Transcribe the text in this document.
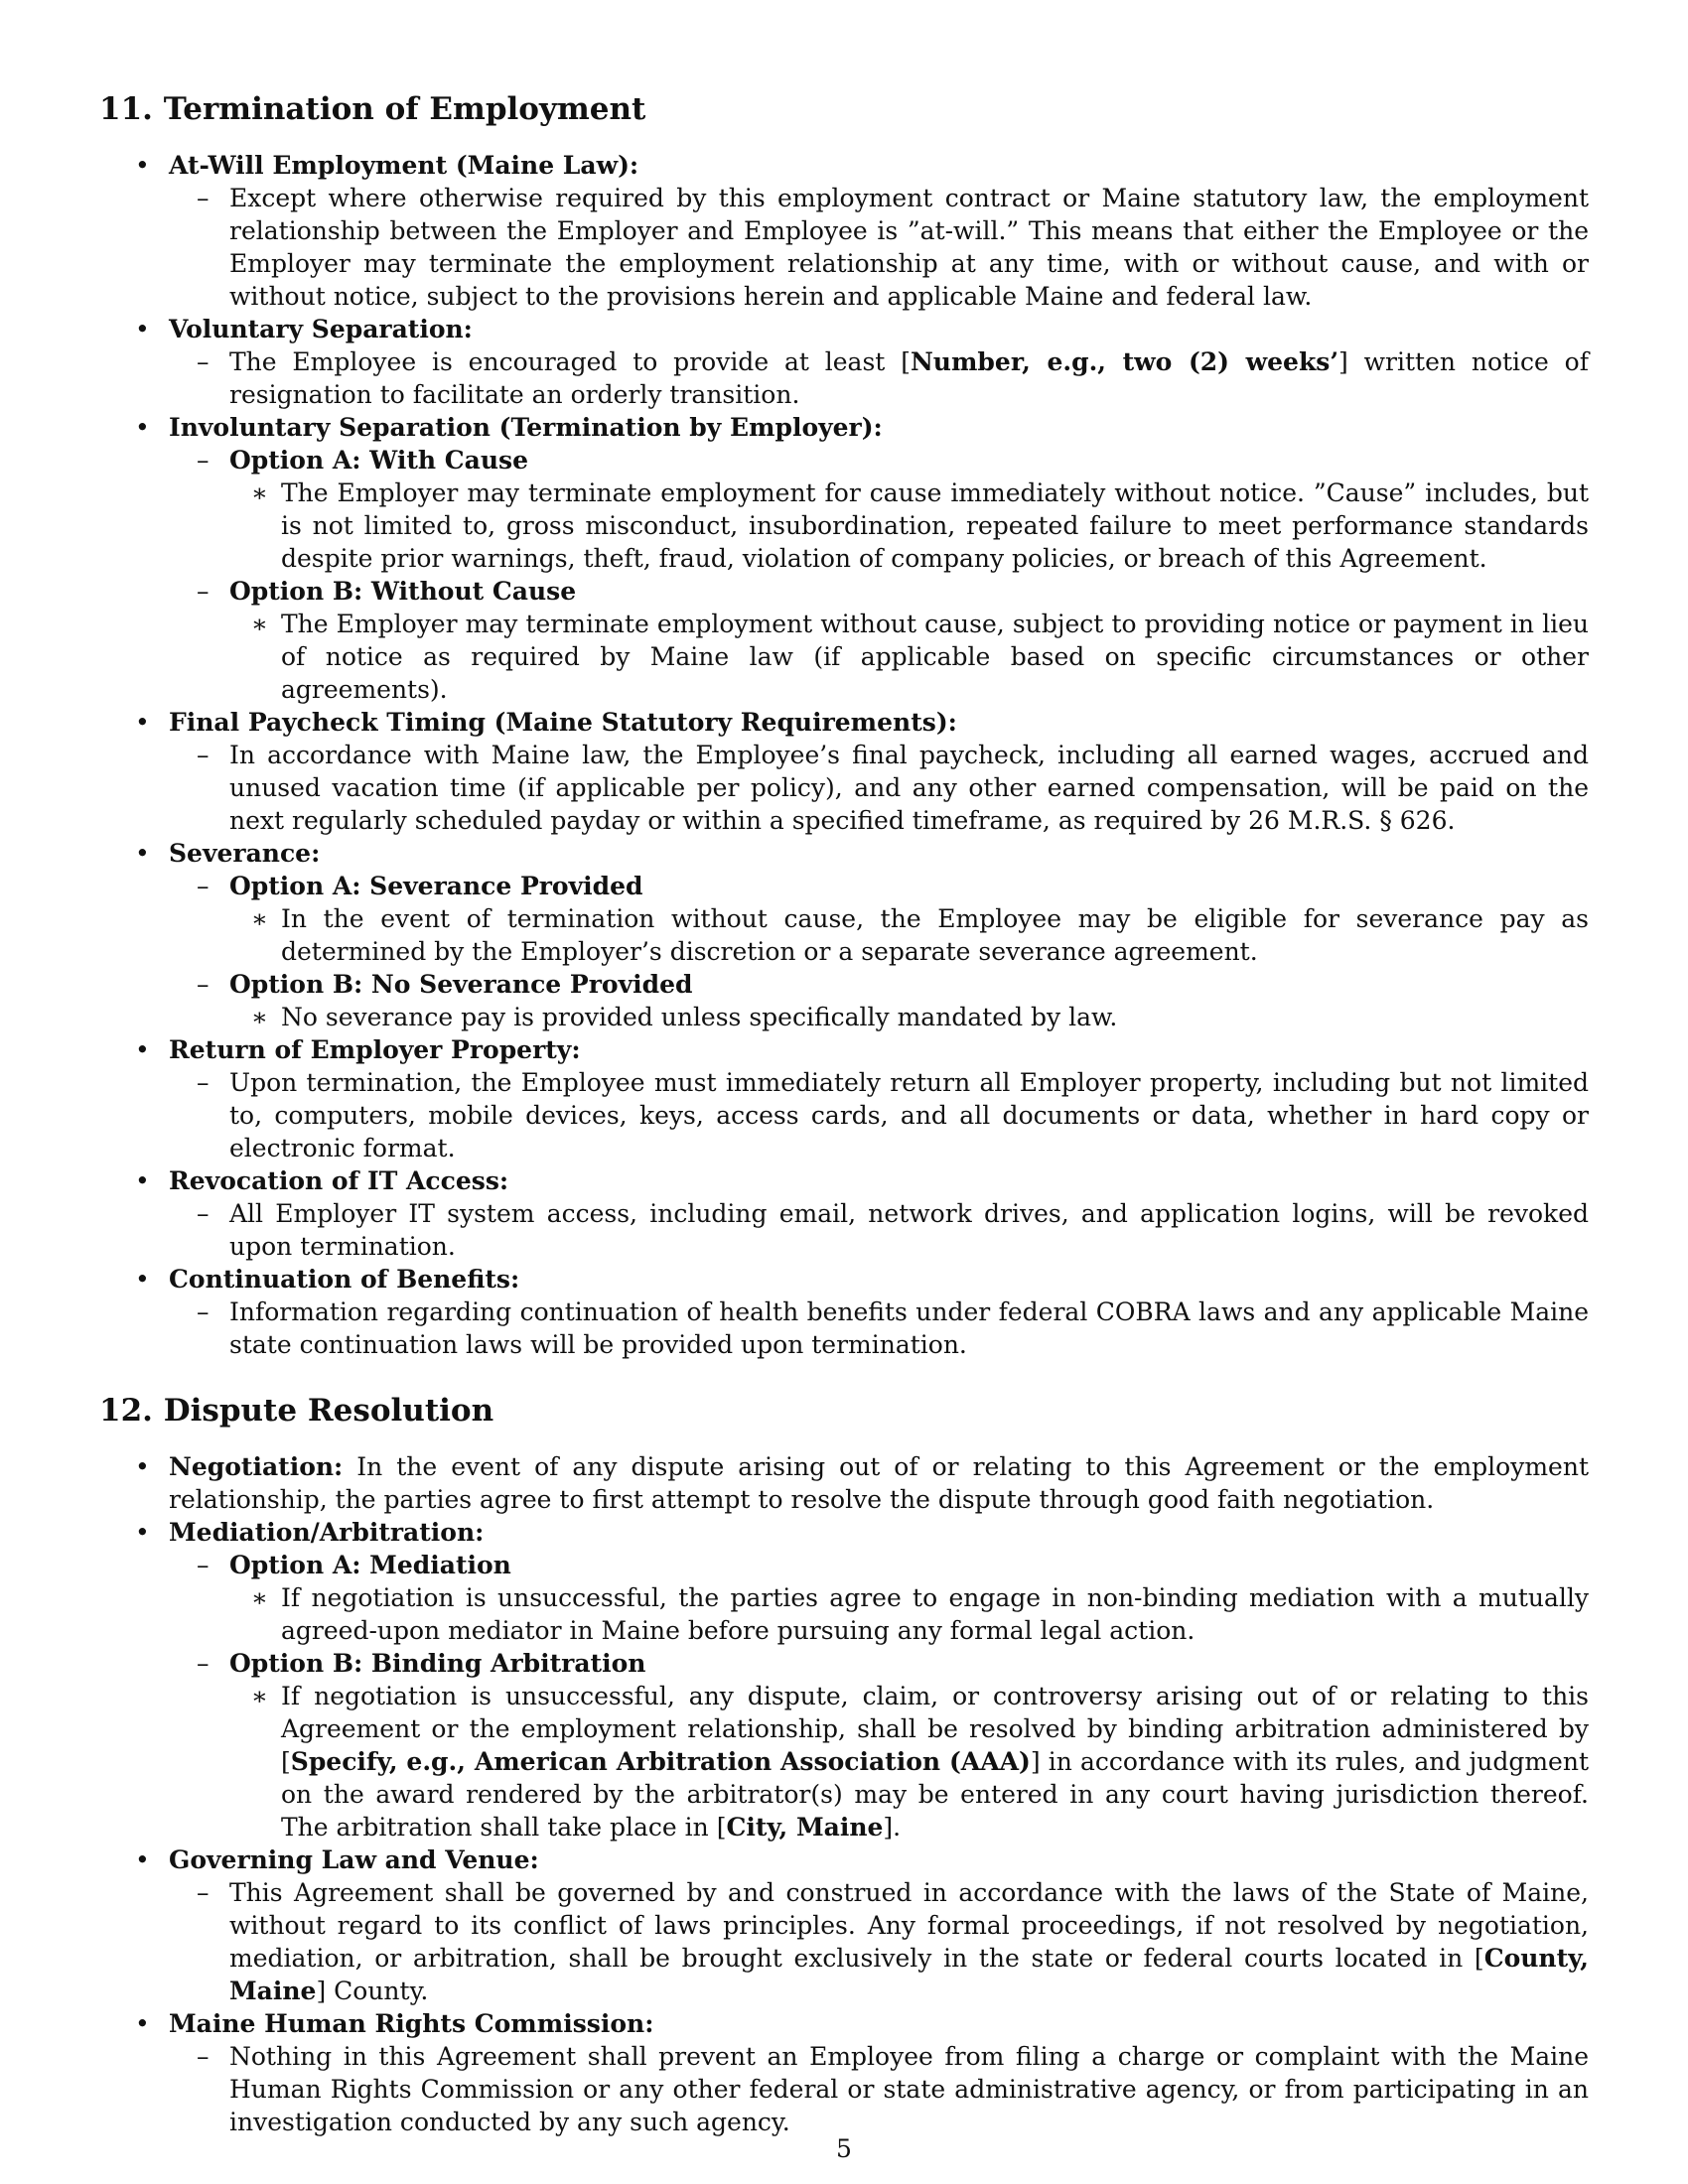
11. Termination of Employment
• At-Will Employment (Maine Law):
– Except where otherwise required by this employment contract or Maine statutory law, the employment relationship between the Employer and Employee is ”at-will.” This means that either the Employee or the Employer may terminate the employment relationship at any time, with or without cause, and with or without notice, subject to the provisions herein and applicable Maine and federal law.
• Voluntary Separation:
– The Employee is encouraged to provide at least [Number, e.g., two (2) weeks’] written notice of resignation to facilitate an orderly transition.
• Involuntary Separation (Termination by Employer):
– Option A: With Cause
∗ The Employer may terminate employment for cause immediately without notice. ”Cause” includes, but is not limited to, gross misconduct, insubordination, repeated failure to meet performance standards despite prior warnings, theft, fraud, violation of company policies, or breach of this Agreement.
– Option B: Without Cause
∗ The Employer may terminate employment without cause, subject to providing notice or payment in lieu of notice as required by Maine law (if applicable based on specific circumstances or other agreements).
• Final Paycheck Timing (Maine Statutory Requirements):
– In accordance with Maine law, the Employee’s final paycheck, including all earned wages, accrued and unused vacation time (if applicable per policy), and any other earned compensation, will be paid on the next regularly scheduled payday or within a specified timeframe, as required by 26 M.R.S. § 626.
• Severance:
– Option A: Severance Provided
∗ In the event of termination without cause, the Employee may be eligible for severance pay as determined by the Employer’s discretion or a separate severance agreement.
– Option B: No Severance Provided
∗ No severance pay is provided unless specifically mandated by law.
• Return of Employer Property:
– Upon termination, the Employee must immediately return all Employer property, including but not limited to, computers, mobile devices, keys, access cards, and all documents or data, whether in hard copy or electronic format.
• Revocation of IT Access:
– All Employer IT system access, including email, network drives, and application logins, will be revoked upon termination.
• Continuation of Benefits:
– Information regarding continuation of health benefits under federal COBRA laws and any applicable Maine state continuation laws will be provided upon termination.
12. Dispute Resolution
• Negotiation: In the event of any dispute arising out of or relating to this Agreement or the employment relationship, the parties agree to first attempt to resolve the dispute through good faith negotiation.
• Mediation/Arbitration:
– Option A: Mediation
∗ If negotiation is unsuccessful, the parties agree to engage in non-binding mediation with a mutually agreed-upon mediator in Maine before pursuing any formal legal action.
– Option B: Binding Arbitration
∗ If negotiation is unsuccessful, any dispute, claim, or controversy arising out of or relating to this Agreement or the employment relationship, shall be resolved by binding arbitration administered by [Specify, e.g., American Arbitration Association (AAA)] in accordance with its rules, and judgment on the award rendered by the arbitrator(s) may be entered in any court having jurisdiction thereof. The arbitration shall take place in [City, Maine].
• Governing Law and Venue:
– This Agreement shall be governed by and construed in accordance with the laws of the State of Maine, without regard to its conflict of laws principles. Any formal proceedings, if not resolved by negotiation, mediation, or arbitration, shall be brought exclusively in the state or federal courts located in [County, Maine] County.
• Maine Human Rights Commission:
– Nothing in this Agreement shall prevent an Employee from filing a charge or complaint with the Maine Human Rights Commission or any other federal or state administrative agency, or from participating in an investigation conducted by any such agency.
5
